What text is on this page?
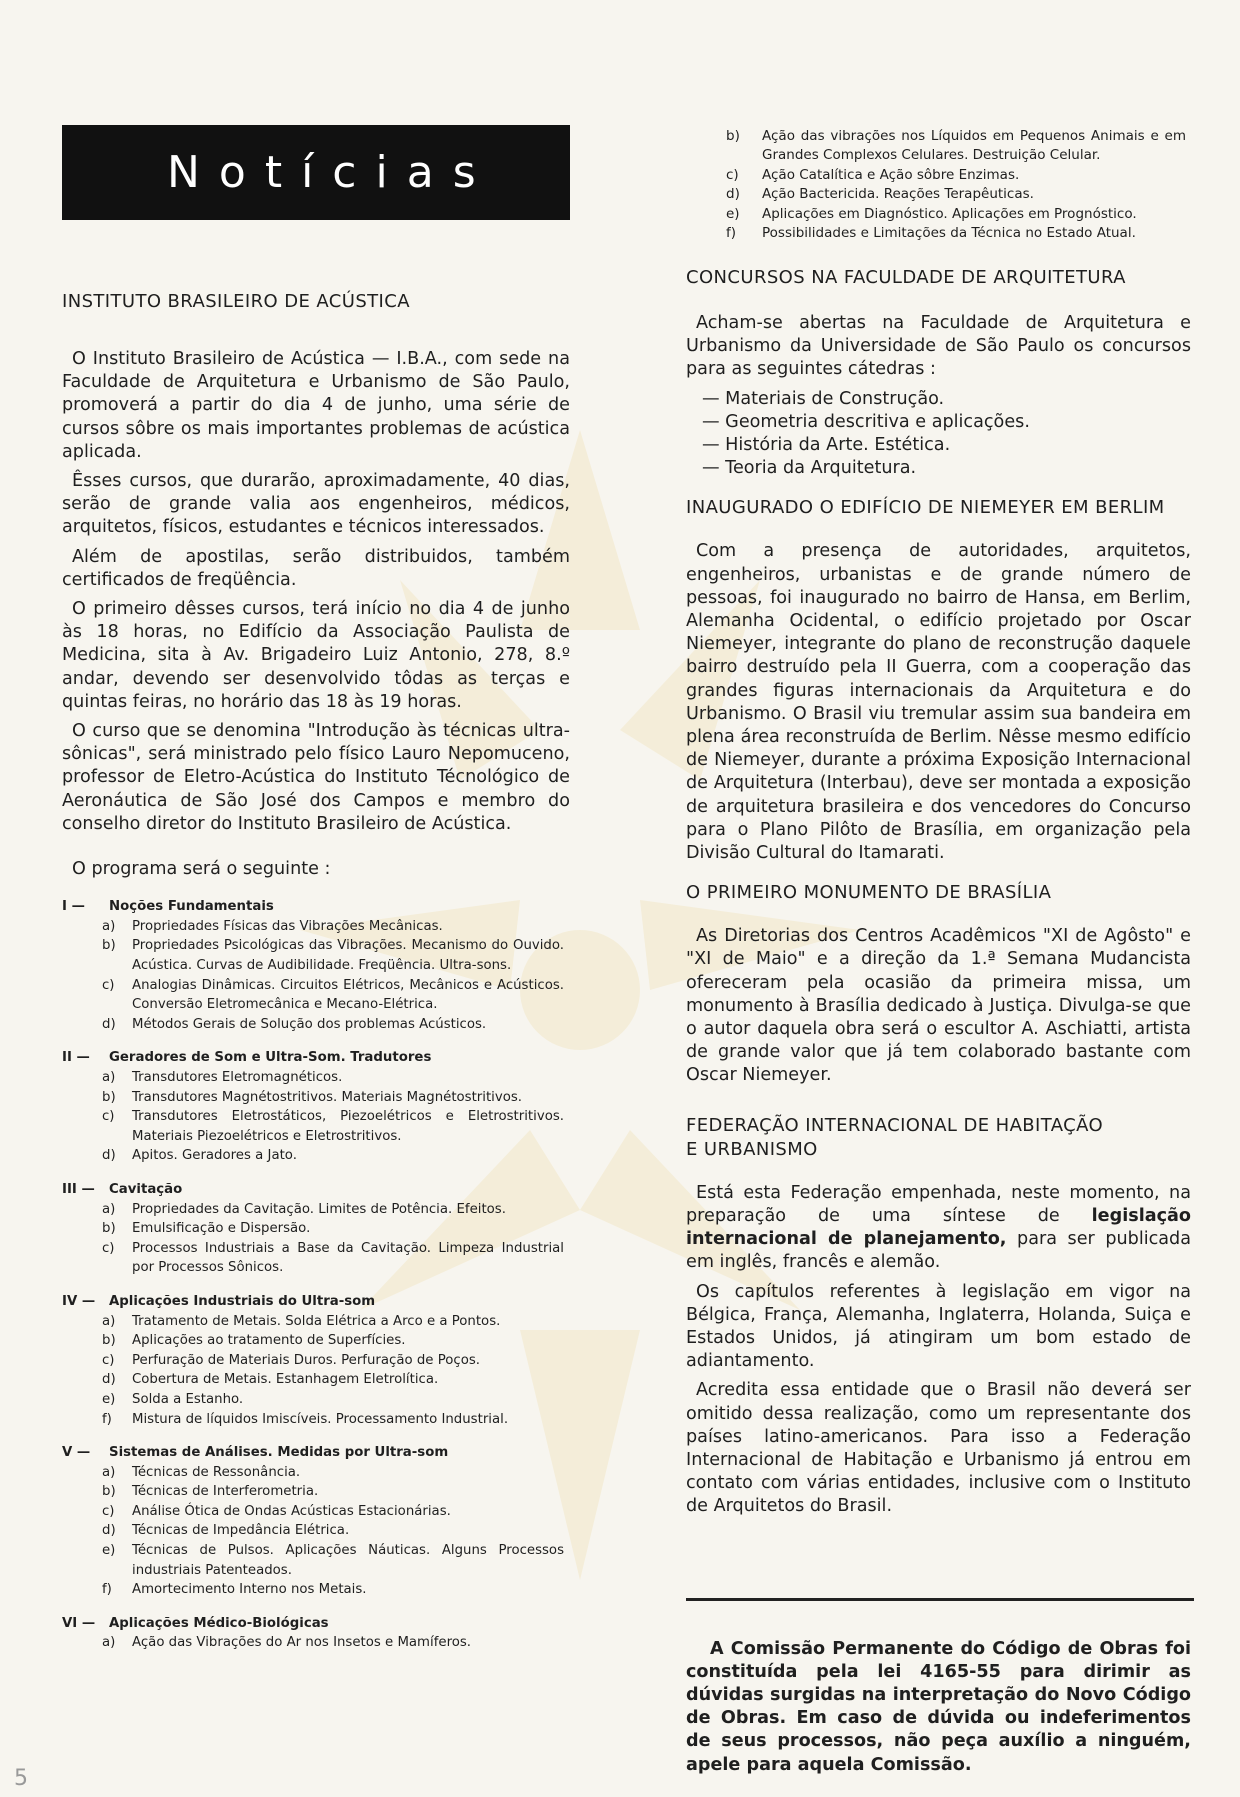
Notícias
INSTITUTO BRASILEIRO DE ACÚSTICA

O Instituto Brasileiro de Acústica — I.B.A., com sede na Faculdade de Arquitetura e Urbanismo de São Paulo, promoverá a partir do dia 4 de junho, uma série de cursos sôbre os mais importantes problemas de acústica aplicada.

Êsses cursos, que durarão, aproximadamente, 40 dias, serão de grande valia aos engenheiros, médicos, arquitetos, físicos, estudantes e técnicos interessados.

Além de apostilas, serão distribuidos, também certificados de freqüência.

O primeiro dêsses cursos, terá início no dia 4 de junho às 18 horas, no Edifício da Associação Paulista de Medicina, sita à Av. Brigadeiro Luiz Antonio, 278, 8.º andar, devendo ser desenvolvido tôdas as terças e quintas feiras, no horário das 18 às 19 horas.

O curso que se denomina "Introdução às técnicas ultra-sônicas", será ministrado pelo físico Lauro Nepomuceno, professor de Eletro-Acústica do Instituto Técnológico de Aeronáutica de São José dos Campos e membro do conselho diretor do Instituto Brasileiro de Acústica.

O programa será o seguinte :

I —	Noções Fundamentais
a)	Propriedades Físicas das Vibrações Mecânicas.
b)	Propriedades Psicológicas das Vibrações. Mecanismo do Ouvido. Acústica. Curvas de Audibilidade. Freqüência. Ultra-sons.
c)	Analogias Dinâmicas. Circuitos Elétricos, Mecânicos e Acústicos. Conversão Eletromecânica e Mecano-Elétrica.
d)	Métodos Gerais de Solução dos problemas Acústicos.
II —	Geradores de Som e Ultra-Som. Tradutores
a)	Transdutores Eletromagnéticos.
b)	Transdutores Magnétostritivos. Materiais Magnétostritivos.
c)	Transdutores Eletrostáticos, Piezoelétricos e Eletrostritivos. Materiais Piezoelétricos e Eletrostritivos.
d)	Apitos. Geradores a Jato.
III —	Cavitação
a)	Propriedades da Cavitação. Limites de Potência. Efeitos.
b)	Emulsificação e Dispersão.
c)	Processos Industriais a Base da Cavitação. Limpeza Industrial por Processos Sônicos.
IV —	Aplicações Industriais do Ultra-som
a)	Tratamento de Metais. Solda Elétrica a Arco e a Pontos.
b)	Aplicações ao tratamento de Superfícies.
c)	Perfuração de Materiais Duros. Perfuração de Poços.
d)	Cobertura de Metais. Estanhagem Eletrolítica.
e)	Solda a Estanho.
f)	Mistura de líquidos Imiscíveis. Processamento Industrial.
V —	Sistemas de Análises. Medidas por Ultra-som
a)	Técnicas de Ressonância.
b)	Técnicas de Interferometria.
c)	Análise Ótica de Ondas Acústicas Estacionárias.
d)	Técnicas de Impedância Elétrica.
e)	Técnicas de Pulsos. Aplicações Náuticas. Alguns Processos industriais Patenteados.
f)	Amortecimento Interno nos Metais.
VI —	Aplicações Médico-Biológicas
a)	Ação das Vibrações do Ar nos Insetos e Mamíferos.
b)	Ação das vibrações nos Líquidos em Pequenos Animais e em Grandes Complexos Celulares. Destruição Celular.
c)	Ação Catalítica e Ação sôbre Enzimas.
d)	Ação Bactericida. Reações Terapêuticas.
e)	Aplicações em Diagnóstico. Aplicações em Prognóstico.
f)	Possibilidades e Limitações da Técnica no Estado Atual.
CONCURSOS NA FACULDADE DE ARQUITETURA

Acham-se abertas na Faculdade de Arquitetura e Urbanismo da Universidade de São Paulo os concursos para as seguintes cátedras :

— Materiais de Construção.
— Geometria descritiva e aplicações.
— História da Arte. Estética.
— Teoria da Arquitetura.
INAUGURADO O EDIFÍCIO DE NIEMEYER EM BERLIM

Com a presença de autoridades, arquitetos, engenheiros, urbanistas e de grande número de pessoas, foi inaugurado no bairro de Hansa, em Berlim, Alemanha Ocidental, o edifício projetado por Oscar Niemeyer, integrante do plano de reconstrução daquele bairro destruído pela II Guerra, com a cooperação das grandes figuras internacionais da Arquitetura e do Urbanismo. O Brasil viu tremular assim sua bandeira em plena área reconstruída de Berlim. Nêsse mesmo edifício de Niemeyer, durante a próxima Exposição Internacional de Arquitetura (Interbau), deve ser montada a exposição de arquitetura brasileira e dos vencedores do Concurso para o Plano Pilôto de Brasília, em organização pela Divisão Cultural do Itamarati.

O PRIMEIRO MONUMENTO DE BRASÍLIA

As Diretorias dos Centros Acadêmicos "XI de Agôsto" e "XI de Maio" e a direção da 1.ª Semana Mudancista ofereceram pela ocasião da primeira missa, um monumento à Brasília dedicado à Justiça. Divulga-se que o autor daquela obra será o escultor A. Aschiatti, artista de grande valor que já tem colaborado bastante com Oscar Niemeyer.

FEDERAÇÃO INTERNACIONAL DE HABITAÇÃO
E URBANISMO

Está esta Federação empenhada, neste momento, na preparação de uma síntese de legislação internacional de planejamento, para ser publicada em inglês, francês e alemão.

Os capítulos referentes à legislação em vigor na Bélgica, França, Alemanha, Inglaterra, Holanda, Suiça e Estados Unidos, já atingiram um bom estado de adiantamento.

Acredita essa entidade que o Brasil não deverá ser omitido dessa realização, como um representante dos países latino-americanos. Para isso a Federação Internacional de Habitação e Urbanismo já entrou em contato com várias entidades, inclusive com o Instituto de Arquitetos do Brasil.

A Comissão Permanente do Código de Obras foi constituída pela lei 4165-55 para dirimir as dúvidas surgidas na interpretação do Novo Código de Obras. Em caso de dúvida ou indeferimentos de seus processos, não peça auxílio a ninguém, apele para aquela Comissão.

5
